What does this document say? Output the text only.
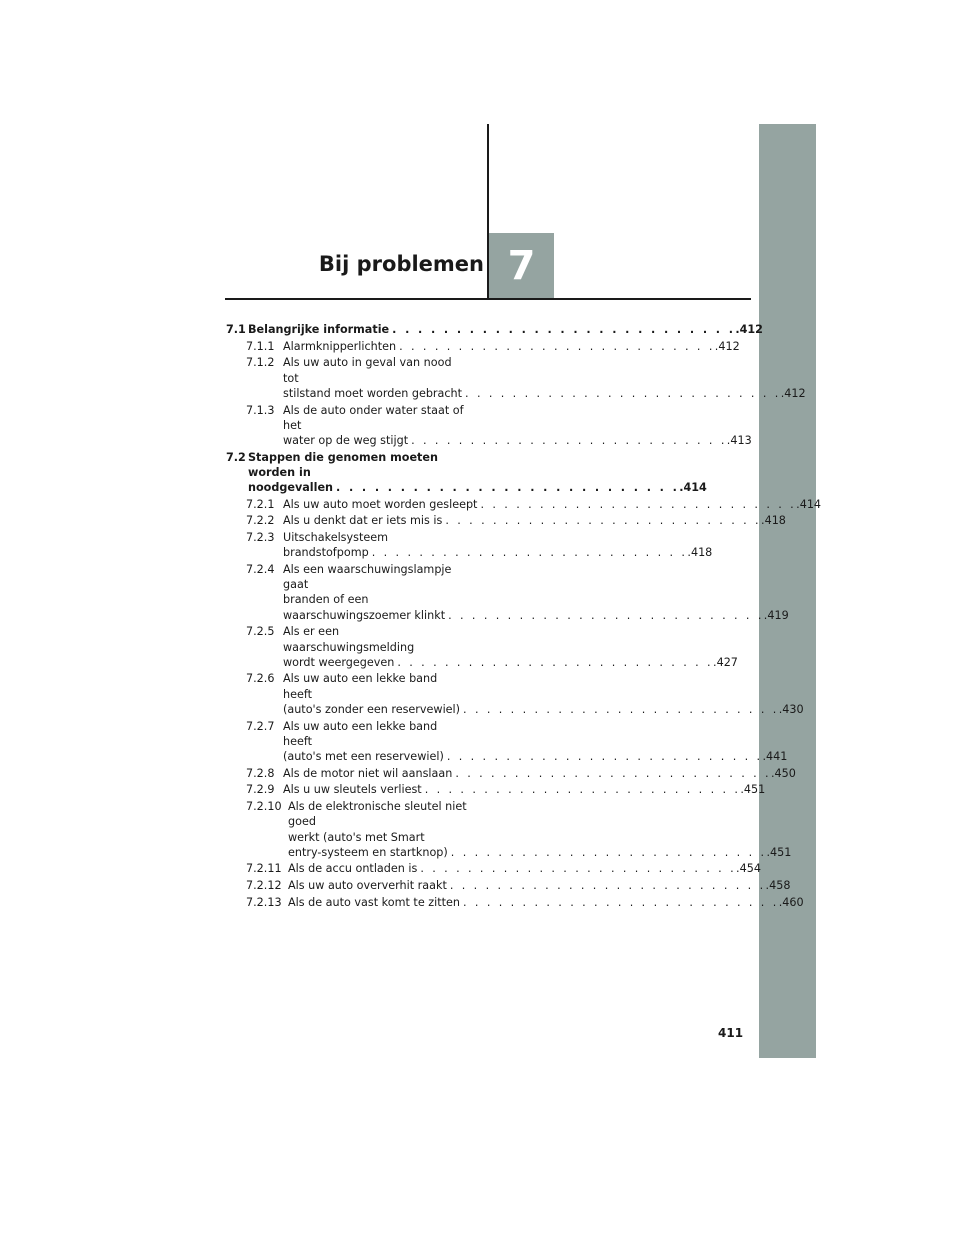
Bij problemen 7
7.1 Belangrijke informatie . . . . . . . . . . . . . . . . . . . . . . . . . . . .412
7.1.1 Alarmknipperlichten . . . . . . . . . . . . . . . . . . . . . . . . . . . .412
7.1.2 Als uw auto in geval van nood tot
stilstand moet worden gebracht . . . . . . . . . . . . . . . . . . . . . . . . . . . .412
7.1.3 Als de auto onder water staat of het
water op de weg stijgt . . . . . . . . . . . . . . . . . . . . . . . . . . . .413
7.2 Stappen die genomen moeten worden in
noodgevallen . . . . . . . . . . . . . . . . . . . . . . . . . . . .414
7.2.1 Als uw auto moet worden gesleept . . . . . . . . . . . . . . . . . . . . . . . . . . . .414
7.2.2 Als u denkt dat er iets mis is . . . . . . . . . . . . . . . . . . . . . . . . . . . .418
7.2.3 Uitschakelsysteem
brandstofpomp . . . . . . . . . . . . . . . . . . . . . . . . . . . .418
7.2.4 Als een waarschuwingslampje gaat
branden of een
waarschuwingszoemer klinkt . . . . . . . . . . . . . . . . . . . . . . . . . . . .419
7.2.5 Als er een waarschuwingsmelding
wordt weergegeven . . . . . . . . . . . . . . . . . . . . . . . . . . . .427
7.2.6 Als uw auto een lekke band heeft
(auto's zonder een reservewiel) . . . . . . . . . . . . . . . . . . . . . . . . . . . .430
7.2.7 Als uw auto een lekke band heeft
(auto's met een reservewiel) . . . . . . . . . . . . . . . . . . . . . . . . . . . .441
7.2.8 Als de motor niet wil aanslaan . . . . . . . . . . . . . . . . . . . . . . . . . . . .450
7.2.9 Als u uw sleutels verliest . . . . . . . . . . . . . . . . . . . . . . . . . . . .451
7.2.10 Als de elektronische sleutel niet goed
werkt (auto's met Smart
entry-systeem en startknop) . . . . . . . . . . . . . . . . . . . . . . . . . . . .451
7.2.11 Als de accu ontladen is . . . . . . . . . . . . . . . . . . . . . . . . . . . .454
7.2.12 Als uw auto oververhit raakt . . . . . . . . . . . . . . . . . . . . . . . . . . . .458
7.2.13 Als de auto vast komt te zitten . . . . . . . . . . . . . . . . . . . . . . . . . . . .460
411
